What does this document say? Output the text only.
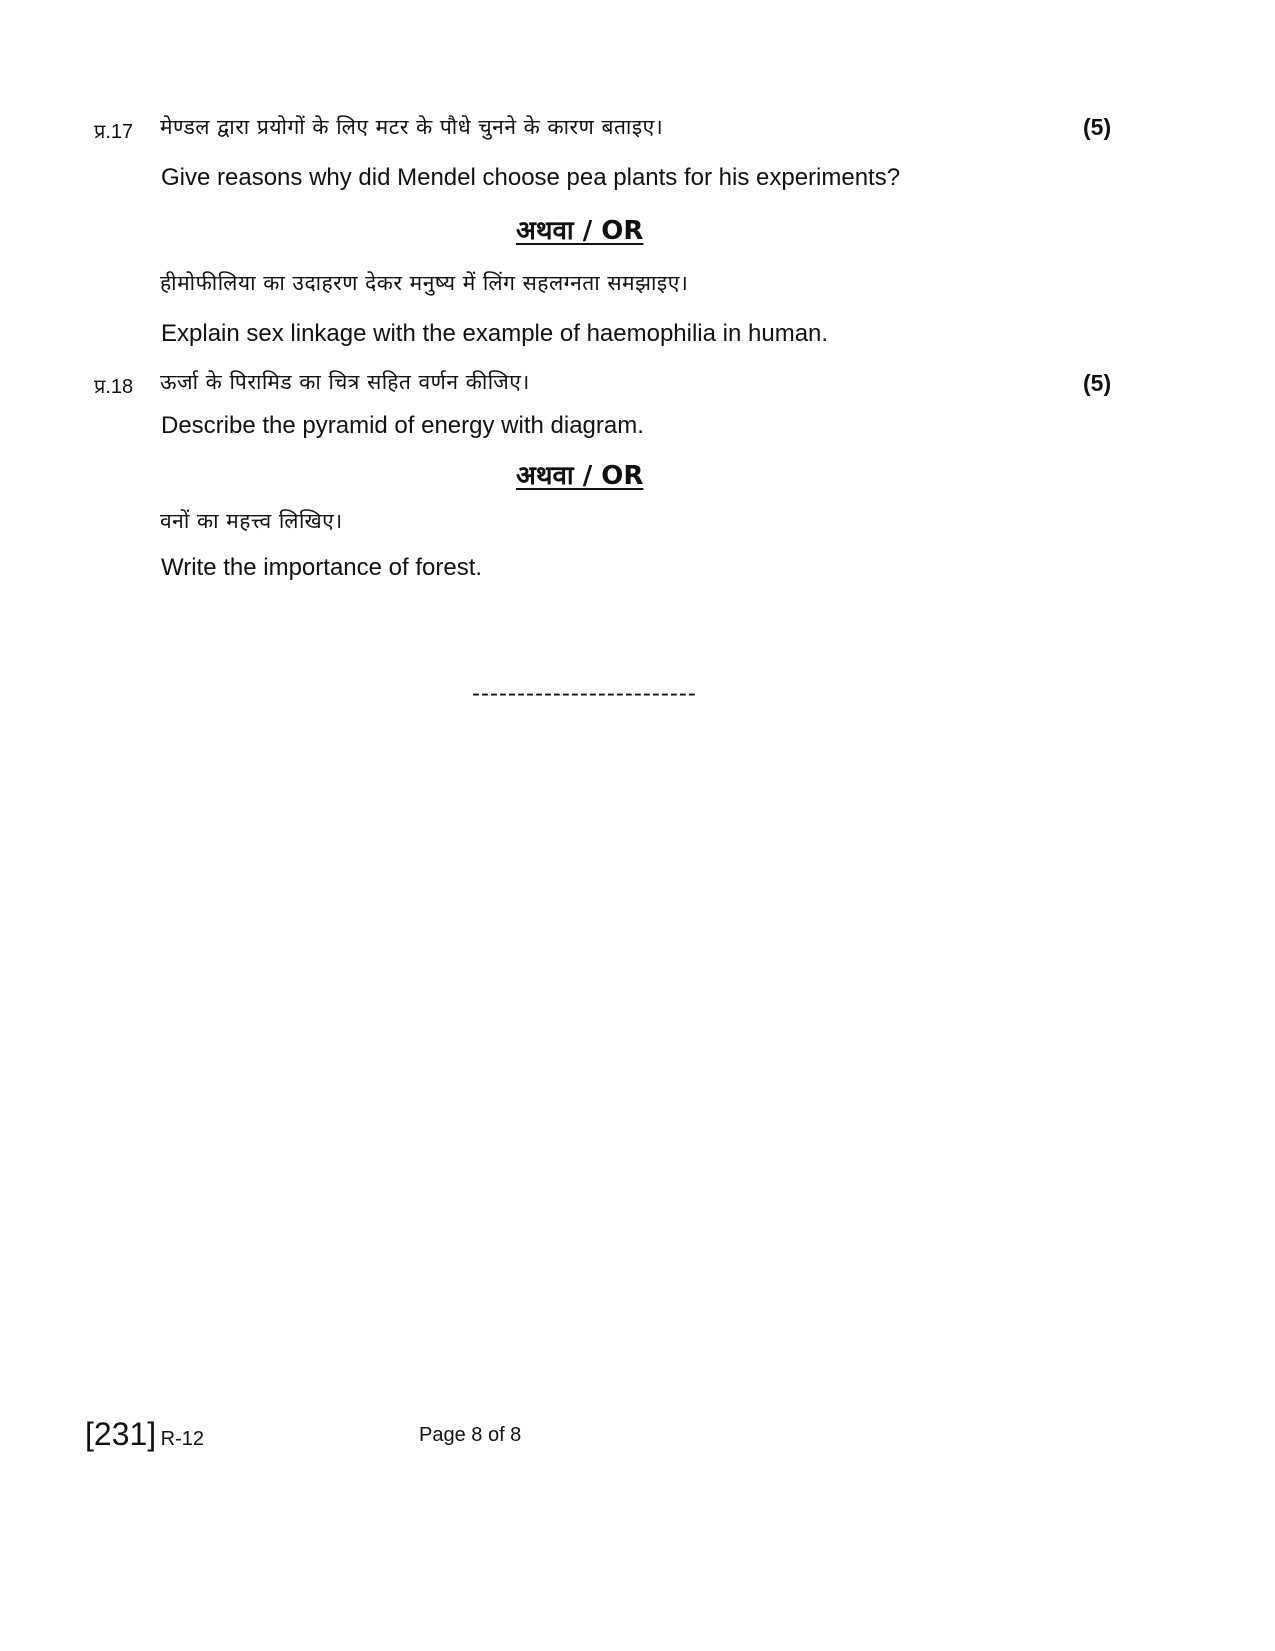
प्र.17 मेण्डल द्वारा प्रयोगों के लिए मटर के पौधे चुनने के कारण बताइए।	(5)
Give reasons why did Mendel choose pea plants for his experiments?
अथवा / OR
हीमोफीलिया का उदाहरण देकर मनुष्य में लिंग सहलग्नता समझाइए।
Explain sex linkage with the example of haemophilia in human.
प्र.18 ऊर्जा के पिरामिड का चित्र सहित वर्णन कीजिए।	(5)
Describe the pyramid of energy with diagram.
अथवा / OR
वनों का महत्त्व लिखिए।
Write the importance of forest.
-------------------------
[231] R-12	Page 8 of 8
